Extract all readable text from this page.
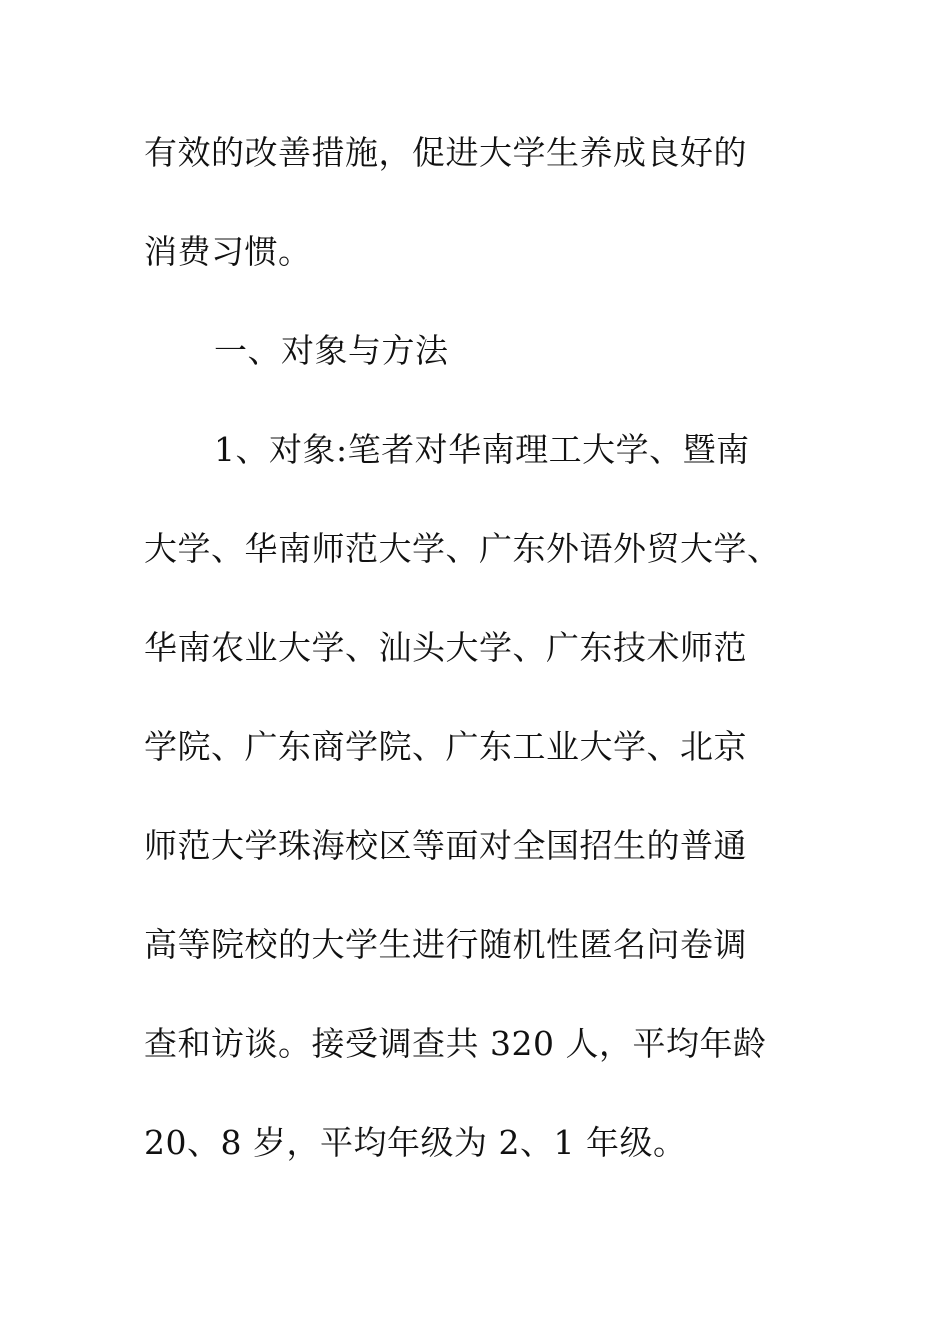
有效的改善措施，促进大学生养成良好的
消费习惯。
一、对象与方法
1、对象:笔者对华南理工大学、暨南
大学、华南师范大学、广东外语外贸大学、
华南农业大学、汕头大学、广东技术师范
学院、广东商学院、广东工业大学、北京
师范大学珠海校区等面对全国招生的普通
高等院校的大学生进行随机性匿名问卷调
查和访谈。接受调查共 320 人，平均年龄
20、8 岁，平均年级为 2、1 年级。
